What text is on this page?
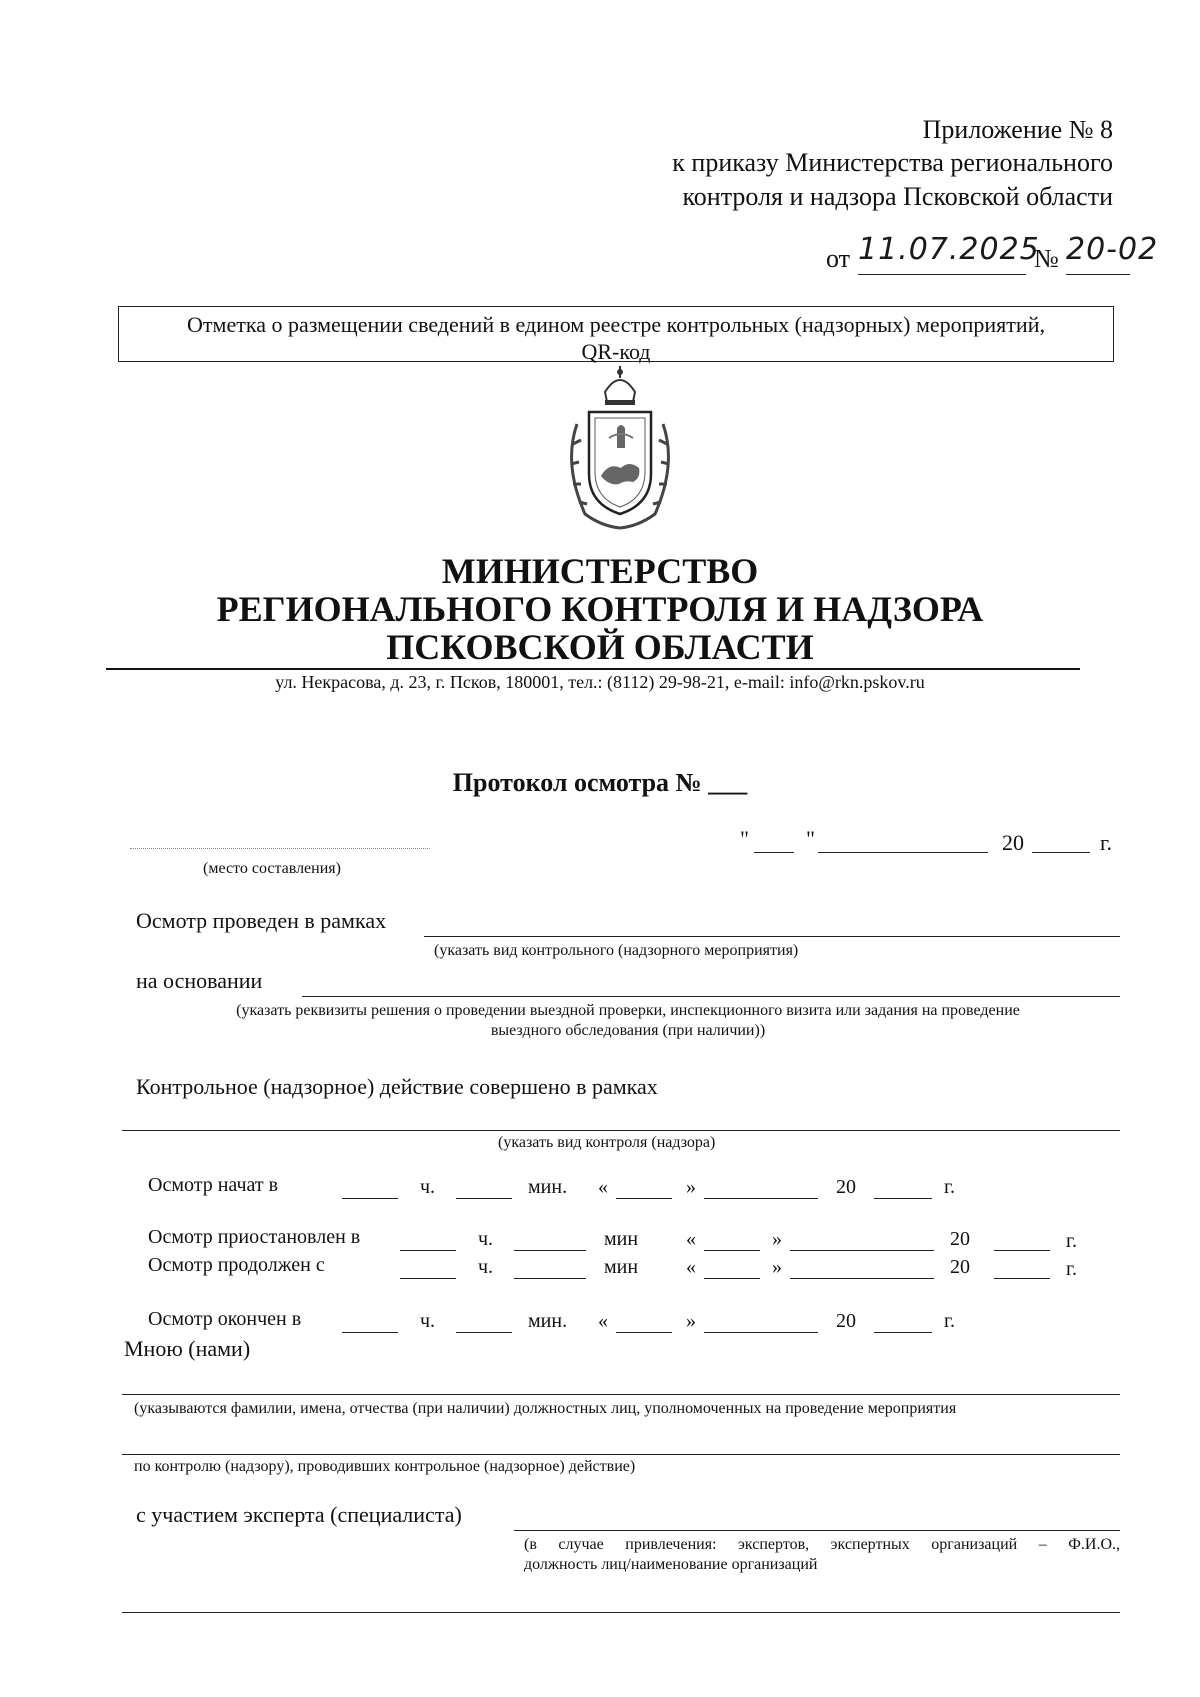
Приложение № 8
к приказу Министерства регионального
контроля и надзора Псковской области
от 11.07.2025
№ 20-02
Отметка о размещении сведений в едином реестре контрольных (надзорных) мероприятий,
QR-код
МИНИСТЕРСТВО
РЕГИОНАЛЬНОГО КОНТРОЛЯ И НАДЗОРА
ПСКОВСКОЙ ОБЛАСТИ
ул. Некрасова, д. 23, г. Псков, 180001, тел.: (8112) 29-98-21, e-mail: info@rkn.pskov.ru
Протокол осмотра № ___
(место составления)
"	"	20	г.
Осмотр проведен в рамках
(указать вид контрольного (надзорного мероприятия)
на основании
(указать реквизиты решения о проведении выездной проверки, инспекционного визита или задания на проведение
выездного обследования (при наличии))
Контрольное (надзорное) действие совершено в рамках
(указать вид контроля (надзора)
Осмотр начат в	ч.	мин. «	»	20	г.
Осмотр приостановлен в	ч.	мин «	»	20	г.
Осмотр продолжен с	ч.	мин «	»	20	г.
Осмотр окончен в	ч.	мин. «	»	20	г.
Мною (нами)
(указываются фамилии, имена, отчества (при наличии) должностных лиц, уполномоченных на проведение мероприятия
по контролю (надзору), проводивших контрольное (надзорное) действие)
с участием эксперта (специалиста)
(в случае привлечения: экспертов, экспертных организаций – Ф.И.О.,
должность лиц/наименование организаций
